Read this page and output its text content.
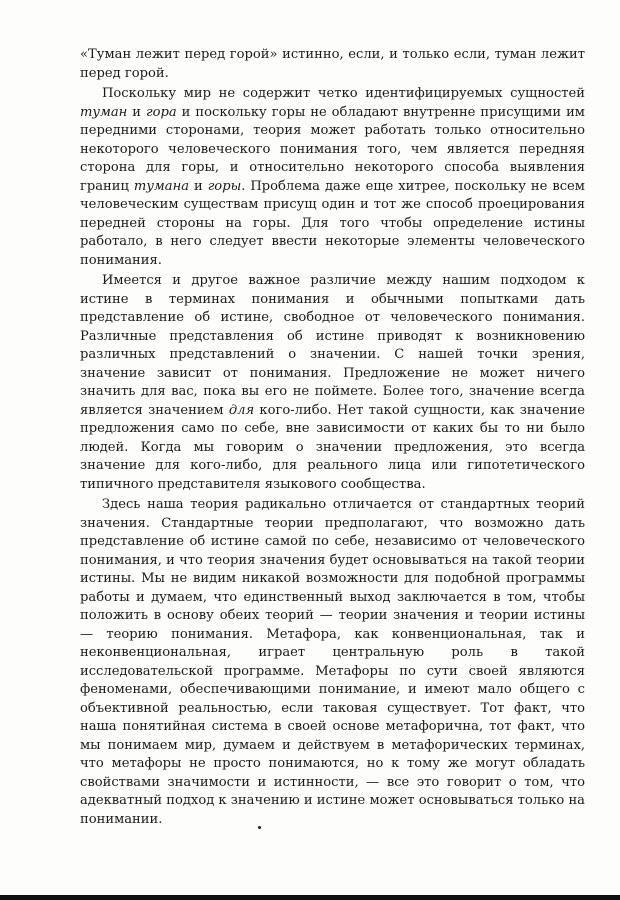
«Туман лежит перед горой» истинно, если, и только если, туман лежит перед горой.

Поскольку мир не содержит четко идентифицируемых сущностей туман и гора и поскольку горы не обладают внутренне присущими им передними сторонами, теория может работать только относительно некоторого человеческого понимания того, чем является передняя сторона для горы, и относительно некоторого способа выявления границ тумана и горы. Проблема даже еще хитрее, поскольку не всем человеческим существам присущ один и тот же способ проецирования передней стороны на горы. Для того чтобы определение истины работало, в него следует ввести некоторые элементы человеческого понимания.

Имеется и другое важное различие между нашим подходом к истине в терминах понимания и обычными попытками дать представление об истине, свободное от человеческого понимания. Различные представления об истине приводят к возникновению различных представлений о значении. С нашей точки зрения, значение зависит от понимания. Предложение не может ничего значить для вас, пока вы его не поймете. Более того, значение всегда является значением для кого-либо. Нет такой сущности, как значение предложения само по себе, вне зависимости от каких бы то ни было людей. Когда мы говорим о значении предложения, это всегда значение для кого-либо, для реального лица или гипотетического типичного представителя языкового сообщества.

Здесь наша теория радикально отличается от стандартных теорий значения. Стандартные теории предполагают, что возможно дать представление об истине самой по себе, независимо от человеческого понимания, и что теория значения будет основываться на такой теории истины. Мы не видим никакой возможности для подобной программы работы и думаем, что единственный выход заключается в том, чтобы положить в основу обеих теорий — теории значения и теории истины — теорию понимания. Метафора, как конвенциональная, так и неконвенциональная, играет центральную роль в такой исследовательской программе. Метафоры по сути своей являются феноменами, обеспечивающими понимание, и имеют мало общего с объективной реальностью, если таковая существует. Тот факт, что наша понятийная система в своей основе метафорична, тот факт, что мы понимаем мир, думаем и действуем в метафорических терминах, что метафоры не просто понимаются, но к тому же могут обладать свойствами значимости и истинности, — все это говорит о том, что адекватный подход к значению и истине может основываться только на понимании.
